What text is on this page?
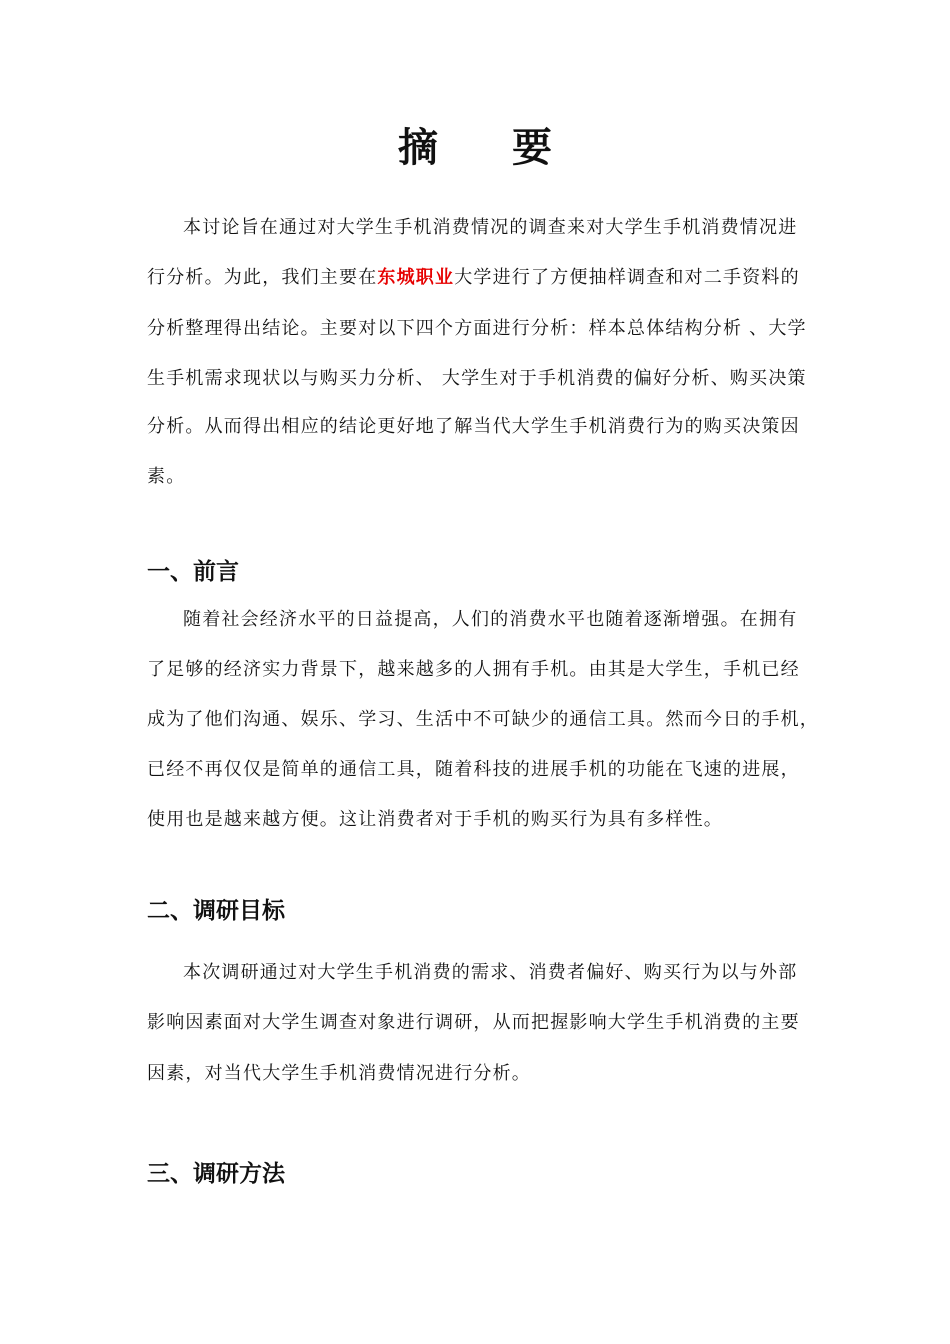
摘 要
本讨论旨在通过对大学生手机消费情况的调查来对大学生手机消费情况进
行分析。为此，我们主要在东城职业大学进行了方便抽样调查和对二手资料的
分析整理得出结论。主要对以下四个方面进行分析：样本总体结构分析 、大学
生手机需求现状以与购买力分析、 大学生对于手机消费的偏好分析、购买决策
分析。从而得出相应的结论更好地了解当代大学生手机消费行为的购买决策因
素。
一、前言
随着社会经济水平的日益提高，人们的消费水平也随着逐渐增强。在拥有
了足够的经济实力背景下，越来越多的人拥有手机。由其是大学生，手机已经
成为了他们沟通、娱乐、学习、生活中不可缺少的通信工具。然而今日的手机，
已经不再仅仅是简单的通信工具，随着科技的进展手机的功能在飞速的进展，
使用也是越来越方便。这让消费者对于手机的购买行为具有多样性。
二、调研目标
本次调研通过对大学生手机消费的需求、消费者偏好、购买行为以与外部
影响因素面对大学生调查对象进行调研，从而把握影响大学生手机消费的主要
因素，对当代大学生手机消费情况进行分析。
三、调研方法
